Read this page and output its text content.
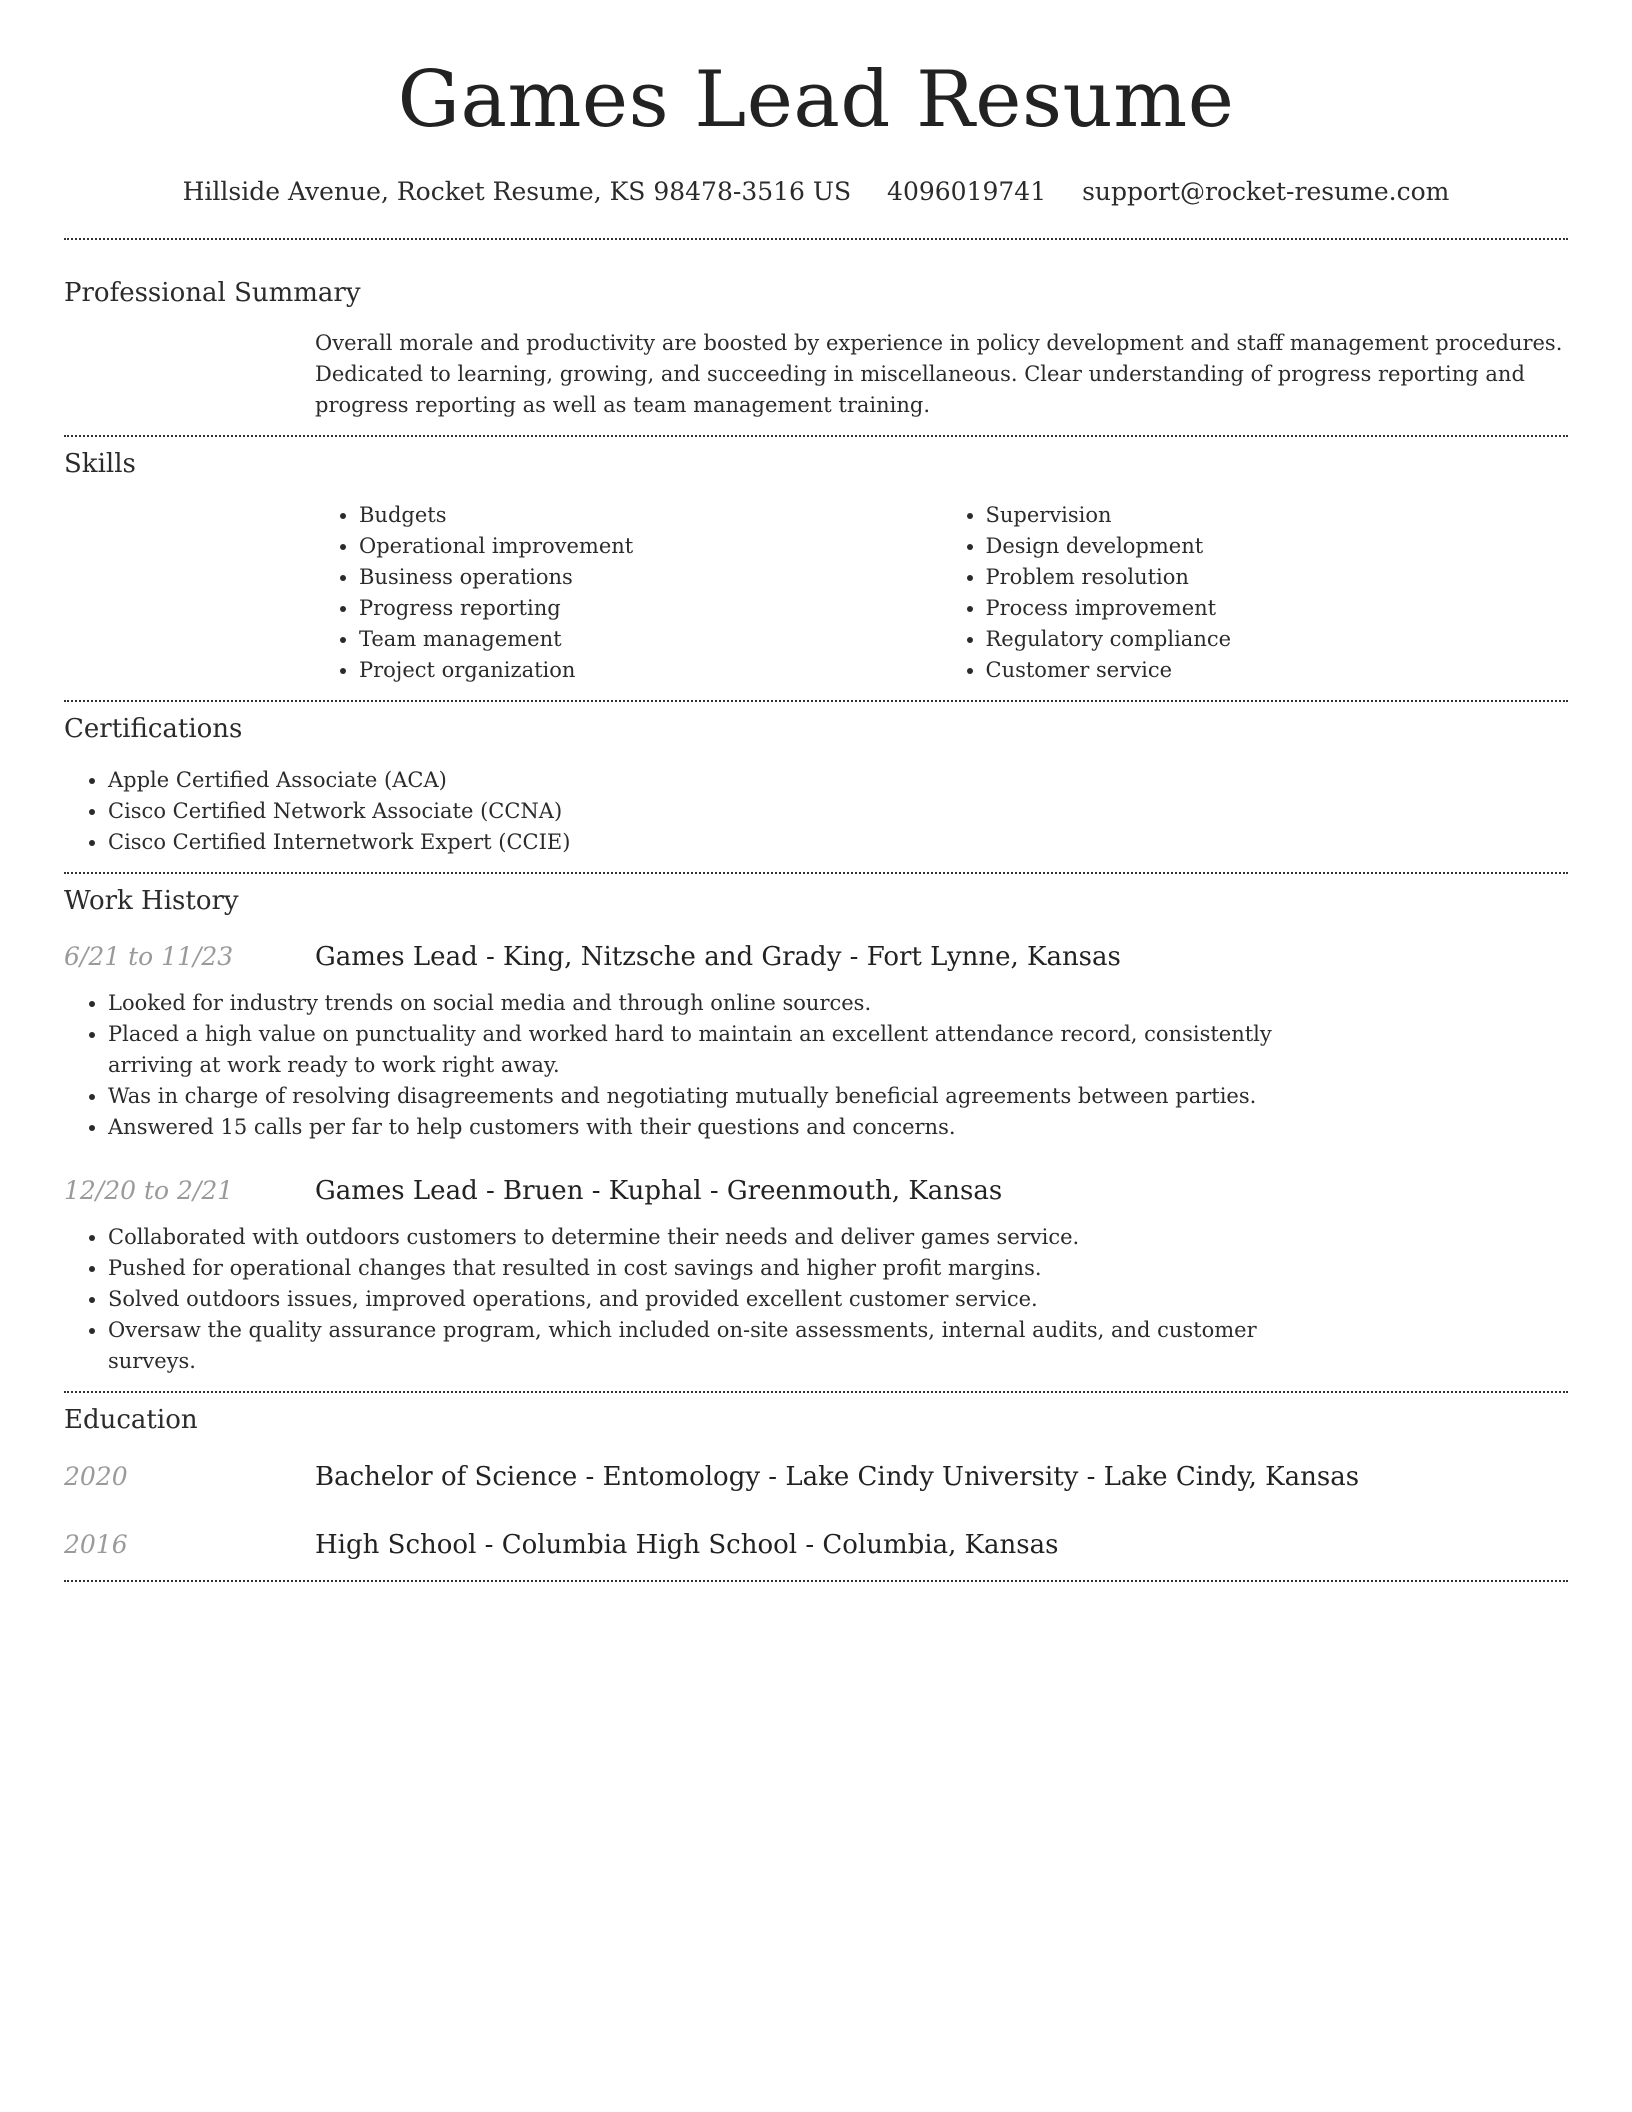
Games Lead Resume
Hillside Avenue, Rocket Resume, KS 98478-3516 US 4096019741 support@rocket-resume.com
Professional Summary
Overall morale and productivity are boosted by experience in policy development and staff management procedures. Dedicated to learning, growing, and succeeding in miscellaneous. Clear understanding of progress reporting and progress reporting as well as team management training.
Skills
• Budgets
• Operational improvement
• Business operations
• Progress reporting
• Team management
• Project organization
• Supervision
• Design development
• Problem resolution
• Process improvement
• Regulatory compliance
• Customer service
Certifications
• Apple Certified Associate (ACA)
• Cisco Certified Network Associate (CCNA)
• Cisco Certified Internetwork Expert (CCIE)
Work History
6/21 to 11/23	Games Lead - King, Nitzsche and Grady - Fort Lynne, Kansas
• Looked for industry trends on social media and through online sources.
• Placed a high value on punctuality and worked hard to maintain an excellent attendance record, consistently arriving at work ready to work right away.
• Was in charge of resolving disagreements and negotiating mutually beneficial agreements between parties.
• Answered 15 calls per far to help customers with their questions and concerns.
12/20 to 2/21	Games Lead - Bruen - Kuphal - Greenmouth, Kansas
• Collaborated with outdoors customers to determine their needs and deliver games service.
• Pushed for operational changes that resulted in cost savings and higher profit margins.
• Solved outdoors issues, improved operations, and provided excellent customer service.
• Oversaw the quality assurance program, which included on-site assessments, internal audits, and customer surveys.
Education
2020	Bachelor of Science - Entomology - Lake Cindy University - Lake Cindy, Kansas
2016	High School - Columbia High School - Columbia, Kansas
